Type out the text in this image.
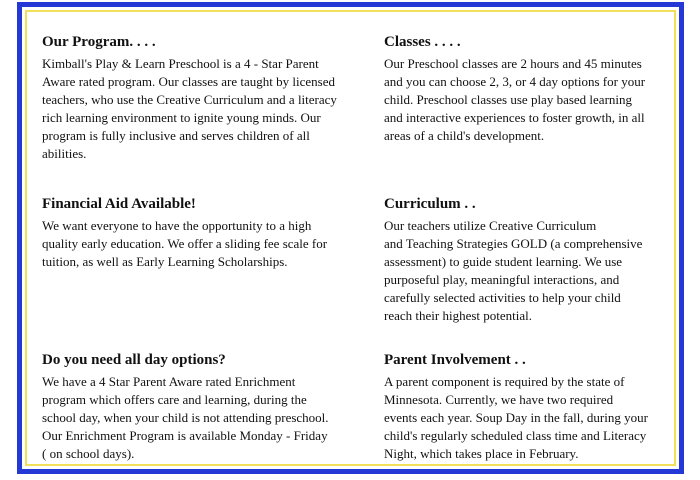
Our Program. . . .

Kimball's Play & Learn Preschool is a 4 - Star Parent
Aware rated program. Our classes are taught by licensed
teachers, who use the Creative Curriculum and a literacy
rich learning environment to ignite young minds. Our
program is fully inclusive and serves children of all
abilities.

Classes . . . .

Our Preschool classes are 2 hours and 45 minutes
and you can choose 2, 3, or 4 day options for your
child. Preschool classes use play based learning
and interactive experiences to foster growth, in all
areas of a child's development.

Financial Aid Available!

We want everyone to have the opportunity to a high
quality early education. We offer a sliding fee scale for
tuition, as well as Early Learning Scholarships.

Curriculum . .

Our teachers utilize Creative Curriculum
and Teaching Strategies GOLD (a comprehensive
assessment) to guide student learning. We use
purposeful play, meaningful interactions, and
carefully selected activities to help your child
reach their highest potential.

Do you need all day options?

We have a 4 Star Parent Aware rated Enrichment
program which offers care and learning, during the
school day, when your child is not attending preschool.
Our Enrichment Program is available Monday - Friday
( on school days).

Parent Involvement . .

A parent component is required by the state of
Minnesota. Currently, we have two required
events each year. Soup Day in the fall, during your
child's regularly scheduled class time and Literacy
Night, which takes place in February.
